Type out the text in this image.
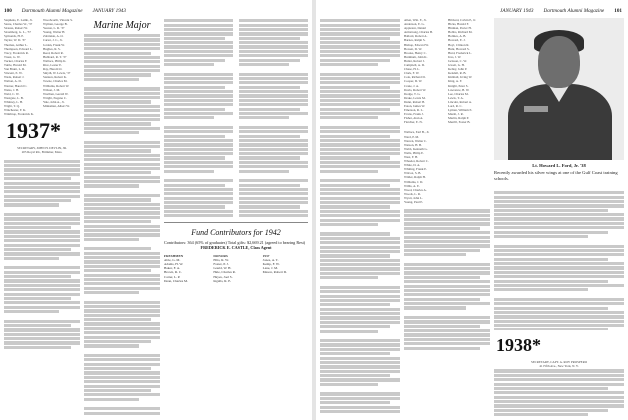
100 Dartmouth Alumni Magazine JANUARY 1943
Stephens, E. Lamb, Jr.
Stone, Charles W., '37
Strauss, Robert W.
Stromberg, G. L., '37
Symonds, H. P.
Taylor, W. D. '37
Thomas, Arthur L.
Thompson, Edward L.
Tracy, Frederick R.
Truax, G. W.
Tucker, Charles F.
Tuttle, Harold M.
Van Brunt, L. R.
Vincent, E. W.
Wade, Robert J.
Walton, A. D.
Warner, Harold C.
Weiss, J. H.
Weld, C. W.
Westgate, L. B.
Whitney, L. H.
Wight, T. Q.
Winchester, F. K.
Winthrop, Frederick K.
Woodworth, Vincent S.
Wyman, George B.
Yeaton, L. R. '37
Young, Walter H.
Zabriskie, A. O.
Carter, J. C., Jr.
Jordan, Frank W.
Hughes, R. S.
Reed, Robert R.
Hubbard, R. T. '37
Wallace, Philip K.
Rice, Lester E.
Ray, Harold O.
Smyth, W. Lewis, '37
Stanton, Robert K.
Towne, Charles M.
Williams, Robert W.
Wilson, J. M.
Worthen, Gerald W.
Wright, Eugene C.
Yale, John A., Jr.
Minisman, Albert W.
1937*
SECRETARY, JOHN H. DEVLIN, JR.
205 Royal Rd., Brimmer, Mass.
Marine Major
Fund Contributors for 1942
Contributors: 364 (65% of graduates) Total gifts: $2,669.21 (agreed to bearing Rest)
FREDERICK E. CASTLE, Class Agent
FRESHMEN
Able, G. M.
Adams, H. W.
Baker, F. A.
Brown, R. C.
Carter, L. P.
Dean, Charles M.
DONORS
Ellis, R. W.
Foster, P. J.
Gould, W. H.
Hale, Charles R.
Hayes, Joel S.
Ingalls, R. E.
1937
Jones, A. T.
Kemp, F. W.
Lane, J. M.
Mason, Robert D.
JANUARY 1943 Dartmouth Alumni Magazine 101
Allen, Wm. F., Jr.
Anderson, E. G.
Appleton, Daniel
Armstrong, Charles B.
Ballard, Robert A.
Barnes, Ralph S.
Bishop, Edward W.
Bowen, D. W.
Brooks, Henry C.
Burnham, John K.
Butler, Robert J.
Campbell, A. D.
Chase, H. L.
Clark, F. W.
Cole, Richard D.
Cooper, D. W.
Crane, J. A.
Davis, Robert W.
Dodge, T. G.
Drake, Lewis M.
Dunn, Robert B.
Eaton, James W.
Emerson, R. L.
Evans, Frank J.
Fisher, Alan A.
Fletcher, E. N.
Hibbard, Calvin P., Jr.
Hicks, Harold F.
Hinman, Porter H.
Hobbs, Richard M.
Holmes, A. B.
Howard, E. J.
Hoyt, Clinton R.
Hunt, Howard S.
Hurd, Frederick L.
Ives, J. W.
Jackson, C. W.
Jewett, G. H.
Kelley, John P.
Kendall, R. B.
Kimball, Irving W.
King, A. F.
Knight, Peter S.
Lawrence, B. W.
Lee, Charles M.
Lewis, T. A.
Lincoln, Robert A.
Lord, R. C.
Lyman, William E.
Marsh, J. R.
Martin, Ralph P.
Merrill, Foster B.
Wallace, Earl B., Jr.
Ward, P. M.
Warren, Walter C.
Watson, H. B.
Webb, Kenneth G.
Wells, Philip E.
West, F. H.
Wheeler, Robert C.
White, D. A.
Whiting, Frank E.
Wilcox, S. B.
Wilder, Ralph H.
Williams, J. D.
Willis, A. E.
Wood, Charles A.
Woods, L. R.
Wyatt, John L.
Young, Paul E.
Lt. Howard L. Ford, Jr. '38
Recently awarded his silver wings at one of the Gulf Coast training schools.
1938*
SECRETARY, CAPT. A. ROY PROSPERO
41 Fifth Ave., New York, N. Y.
